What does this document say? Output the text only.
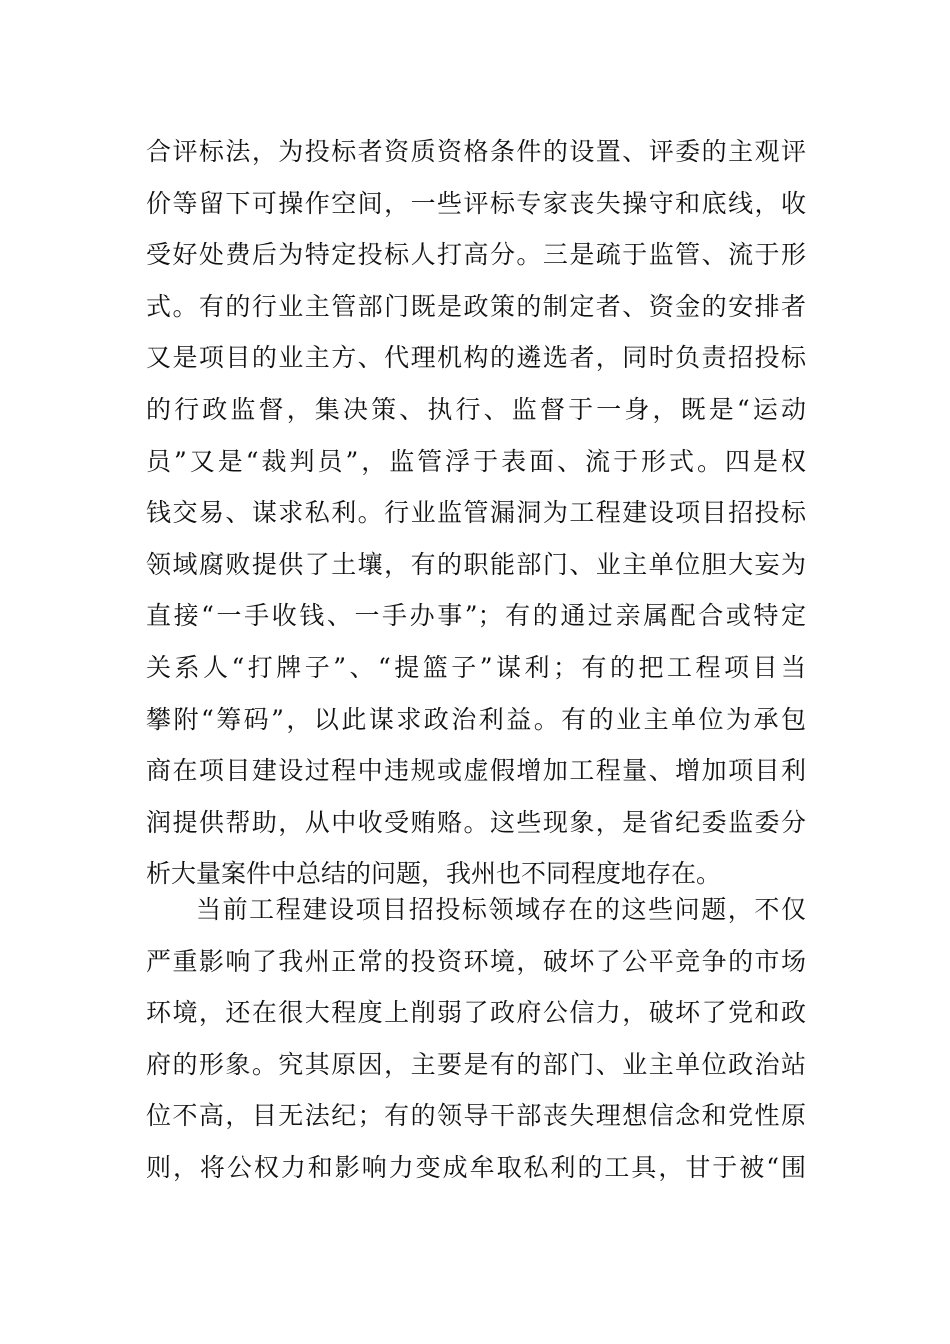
合评标法，为投标者资质资格条件的设置、评委的主观评
价等留下可操作空间，一些评标专家丧失操守和底线，收
受好处费后为特定投标人打高分。三是疏于监管、流于形
式。有的行业主管部门既是政策的制定者、资金的安排者
又是项目的业主方、代理机构的遴选者，同时负责招投标
的行政监督，集决策、执行、监督于一身，既是“运动
员”又是“裁判员”，监管浮于表面、流于形式。四是权
钱交易、谋求私利。行业监管漏洞为工程建设项目招投标
领域腐败提供了土壤，有的职能部门、业主单位胆大妄为
直接“一手收钱、一手办事”；有的通过亲属配合或特定
关系人“打牌子”、“提篮子”谋利；有的把工程项目当
攀附“筹码”，以此谋求政治利益。有的业主单位为承包
商在项目建设过程中违规或虚假增加工程量、增加项目利
润提供帮助，从中收受贿赂。这些现象，是省纪委监委分
析大量案件中总结的问题，我州也不同程度地存在。
当前工程建设项目招投标领域存在的这些问题，不仅
严重影响了我州正常的投资环境，破坏了公平竞争的市场
环境，还在很大程度上削弱了政府公信力，破坏了党和政
府的形象。究其原因，主要是有的部门、业主单位政治站
位不高，目无法纪；有的领导干部丧失理想信念和党性原
则，将公权力和影响力变成牟取私利的工具，甘于被“围
